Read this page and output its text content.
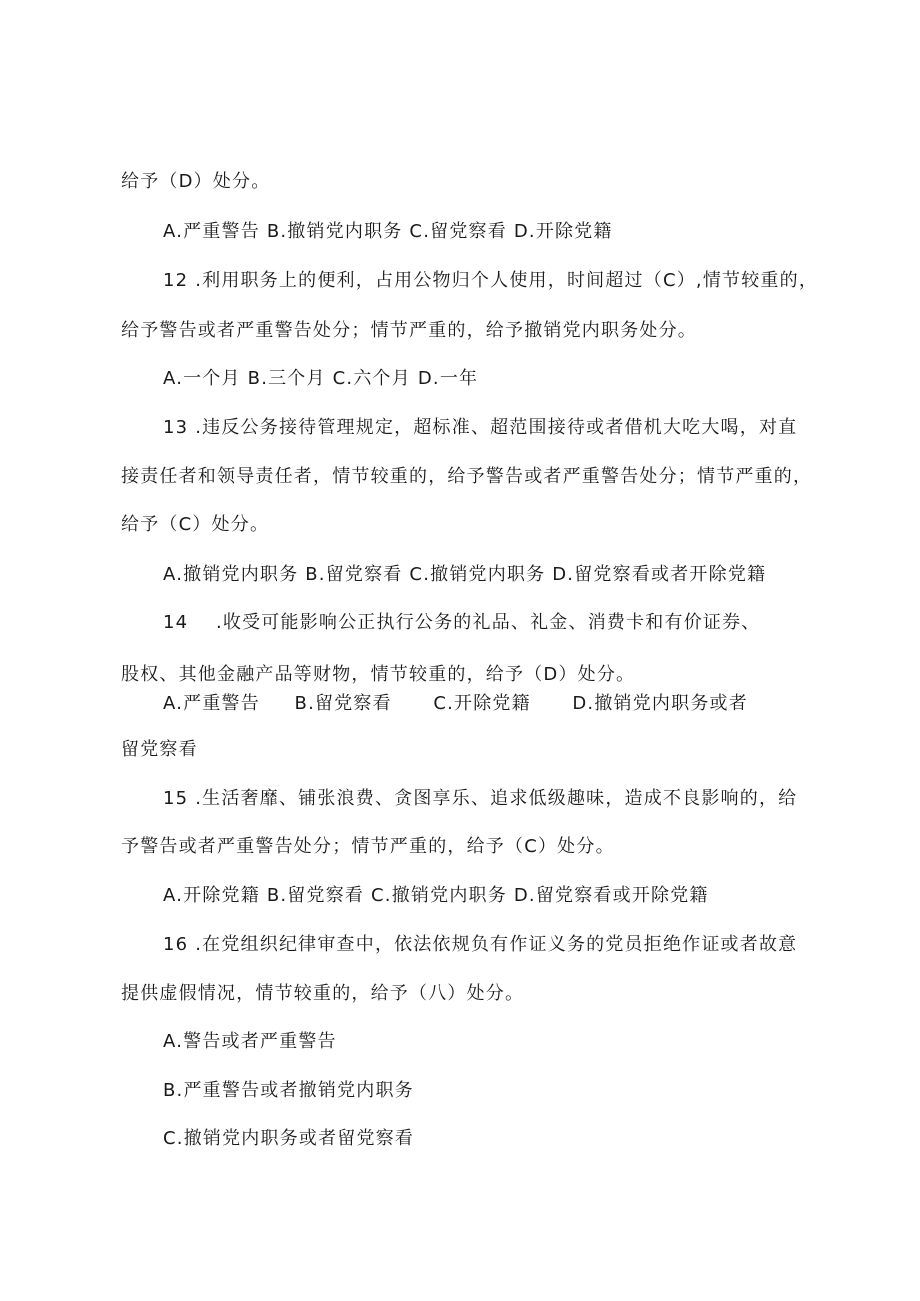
给予（D）处分。
A.严重警告 B.撤销党内职务 C.留党察看 D.开除党籍
12 .利用职务上的便利，占用公物归个人使用，时间超过（C）,情节较重的，
给予警告或者严重警告处分；情节严重的，给予撤销党内职务处分。
A.一个月 B.三个月 C.六个月 D.一年
13 .违反公务接待管理规定，超标准、超范围接待或者借机大吃大喝，对直
接责任者和领导责任者，情节较重的，给予警告或者严重警告处分；情节严重的，
给予（C）处分。
A.撤销党内职务 B.留党察看 C.撤销党内职务 D.留党察看或者开除党籍
14    .收受可能影响公正执行公务的礼品、礼金、消费卡和有价证券、
股权、其他金融产品等财物，情节较重的，给予（D）处分。
A.严重警告     B.留党察看      C.开除党籍      D.撤销党内职务或者
留党察看
15 .生活奢靡、铺张浪费、贪图享乐、追求低级趣味，造成不良影响的，给
予警告或者严重警告处分；情节严重的，给予（C）处分。
A.开除党籍 B.留党察看 C.撤销党内职务 D.留党察看或开除党籍
16 .在党组织纪律审查中，依法依规负有作证义务的党员拒绝作证或者故意
提供虚假情况，情节较重的，给予（八）处分。
A.警告或者严重警告
B.严重警告或者撤销党内职务
C.撤销党内职务或者留党察看
